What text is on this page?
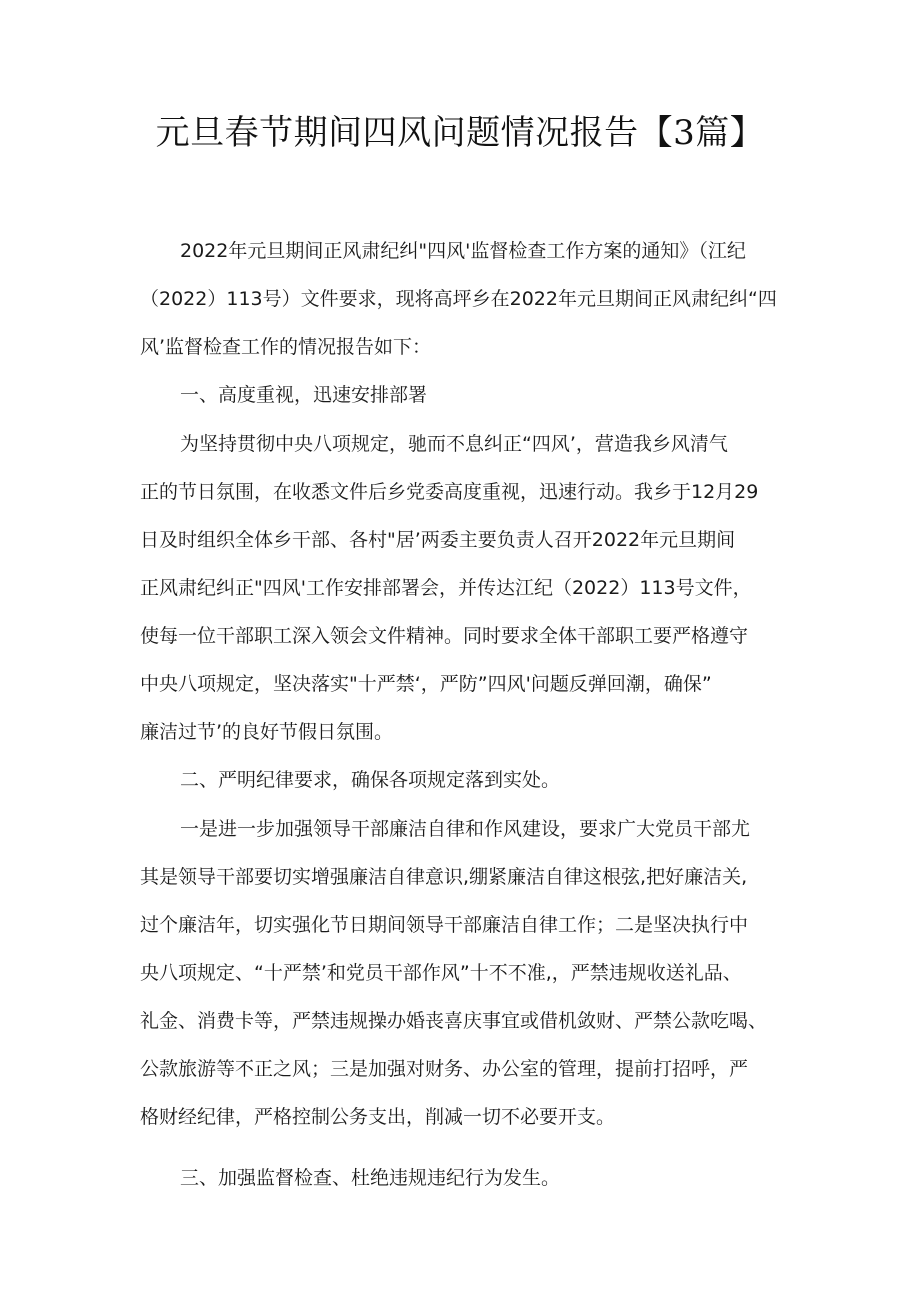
元旦春节期间四风问题情况报告【3篇】

2022年元旦期间正风肃纪纠"四风'监督检查工作方案的通知》（江纪

（2022）113号）文件要求，现将高坪乡在2022年元旦期间正风肃纪纠“四

风’监督检查工作的情况报告如下：

一、高度重视，迅速安排部署

为坚持贯彻中央八项规定，驰而不息纠正“四风’，营造我乡风清气

正的节日氛围，在收悉文件后乡党委高度重视，迅速行动。我乡于12月29

日及时组织全体乡干部、各村"居’两委主要负责人召开2022年元旦期间

正风肃纪纠正"四风'工作安排部署会，并传达江纪（2022）113号文件，

使每一位干部职工深入领会文件精神。同时要求全体干部职工要严格遵守

中央八项规定，坚决落实"十严禁‘，严防”四风'问题反弹回潮，确保”

廉洁过节’的良好节假日氛围。

二、严明纪律要求，确保各项规定落到实处。

一是进一步加强领导干部廉洁自律和作风建设，要求广大党员干部尤

其是领导干部要切实增强廉洁自律意识,绷紧廉洁自律这根弦,把好廉洁关,

过个廉洁年，切实强化节日期间领导干部廉洁自律工作；二是坚决执行中

央八项规定、“十严禁’和党员干部作风”十不不准,，严禁违规收送礼品、

礼金、消费卡等，严禁违规操办婚丧喜庆事宜或借机敛财、严禁公款吃喝、

公款旅游等不正之风；三是加强对财务、办公室的管理，提前打招呼，严

格财经纪律，严格控制公务支出，削减一切不必要开支。

三、加强监督检查、杜绝违规违纪行为发生。
